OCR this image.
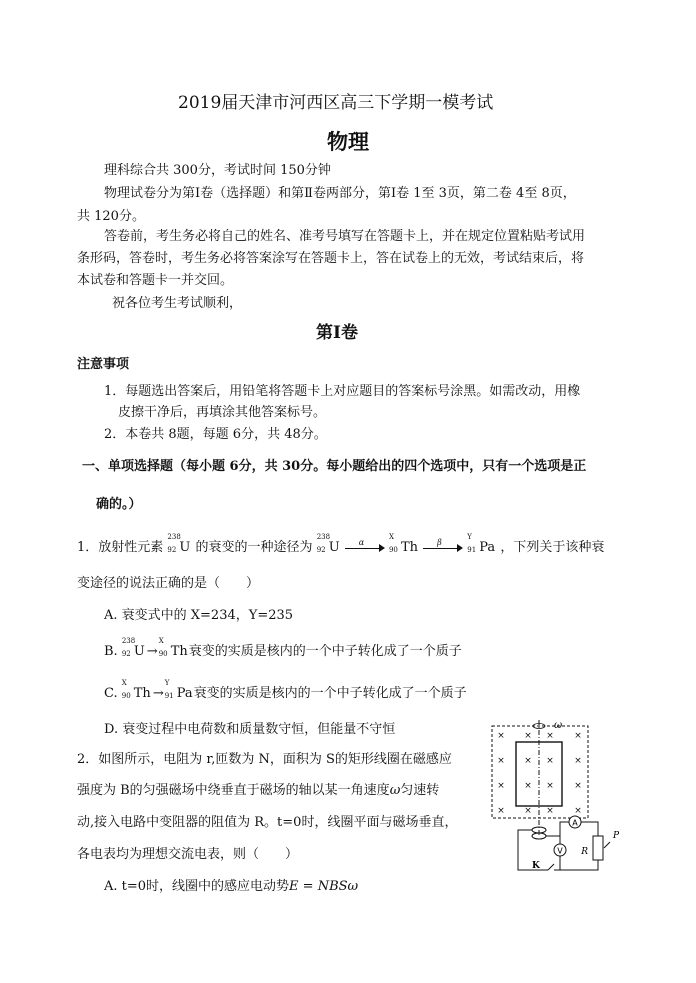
2019届天津市河西区高三下学期一模考试
物理
理科综合共 300分，考试时间 150分钟
物理试卷分为第Ⅰ卷（选择题）和第Ⅱ卷两部分，第Ⅰ卷 1至 3页，第二卷 4至 8页，
共 120分。
答卷前，考生务必将自己的姓名、准考号填写在答题卡上，并在规定位置粘贴考试用
条形码，答卷时，考生务必将答案涂写在答题卡上，答在试卷上的无效，考试结束后，将
本试卷和答题卡一并交回。
祝各位考生考试顺利，
第Ⅰ卷
注意事项
1．每题选出答案后，用铅笔将答题卡上对应题目的答案标号涂黑。如需改动，用橡
皮擦干净后，再填涂其他答案标号。
2．本卷共 8题，每题 6分，共 48分。
一、单项选择题（每小题 6分，共 30分。每小题给出的四个选项中，只有一个选项是正
确的。）
1．放射性元素
238
92 U 的衰变的一种途径为
238
92 U α

X
90 Th β

Y
91 Pa ，下列关于该种衰
变途径的说法正确的是（　　）
A. 衰变式中的 X=234，Y=235
B.
238
92 U →
X
90 Th衰变的实质是核内的一个中子转化成了一个质子
C.
X
90 Th →
Y
91 Pa衰变的实质是核内的一个中子转化成了一个质子
D. 衰变过程中电荷数和质量数守恒，但能量不守恒
2．如图所示，电阻为 r,匝数为 N，面积为 S的矩形线圈在磁感应
强度为 B的匀强磁场中绕垂直于磁场的轴以某一角速度ω匀速转
动,接入电路中变阻器的阻值为 R。t=0时，线圈平面与磁场垂直，
各电表均为理想交流电表，则（　　）
A. t=0时，线圈中的感应电动势E = NBSω
× × × ×
× × × ×
× × × ×
× × × ×
ω
A
R
P
V
K
